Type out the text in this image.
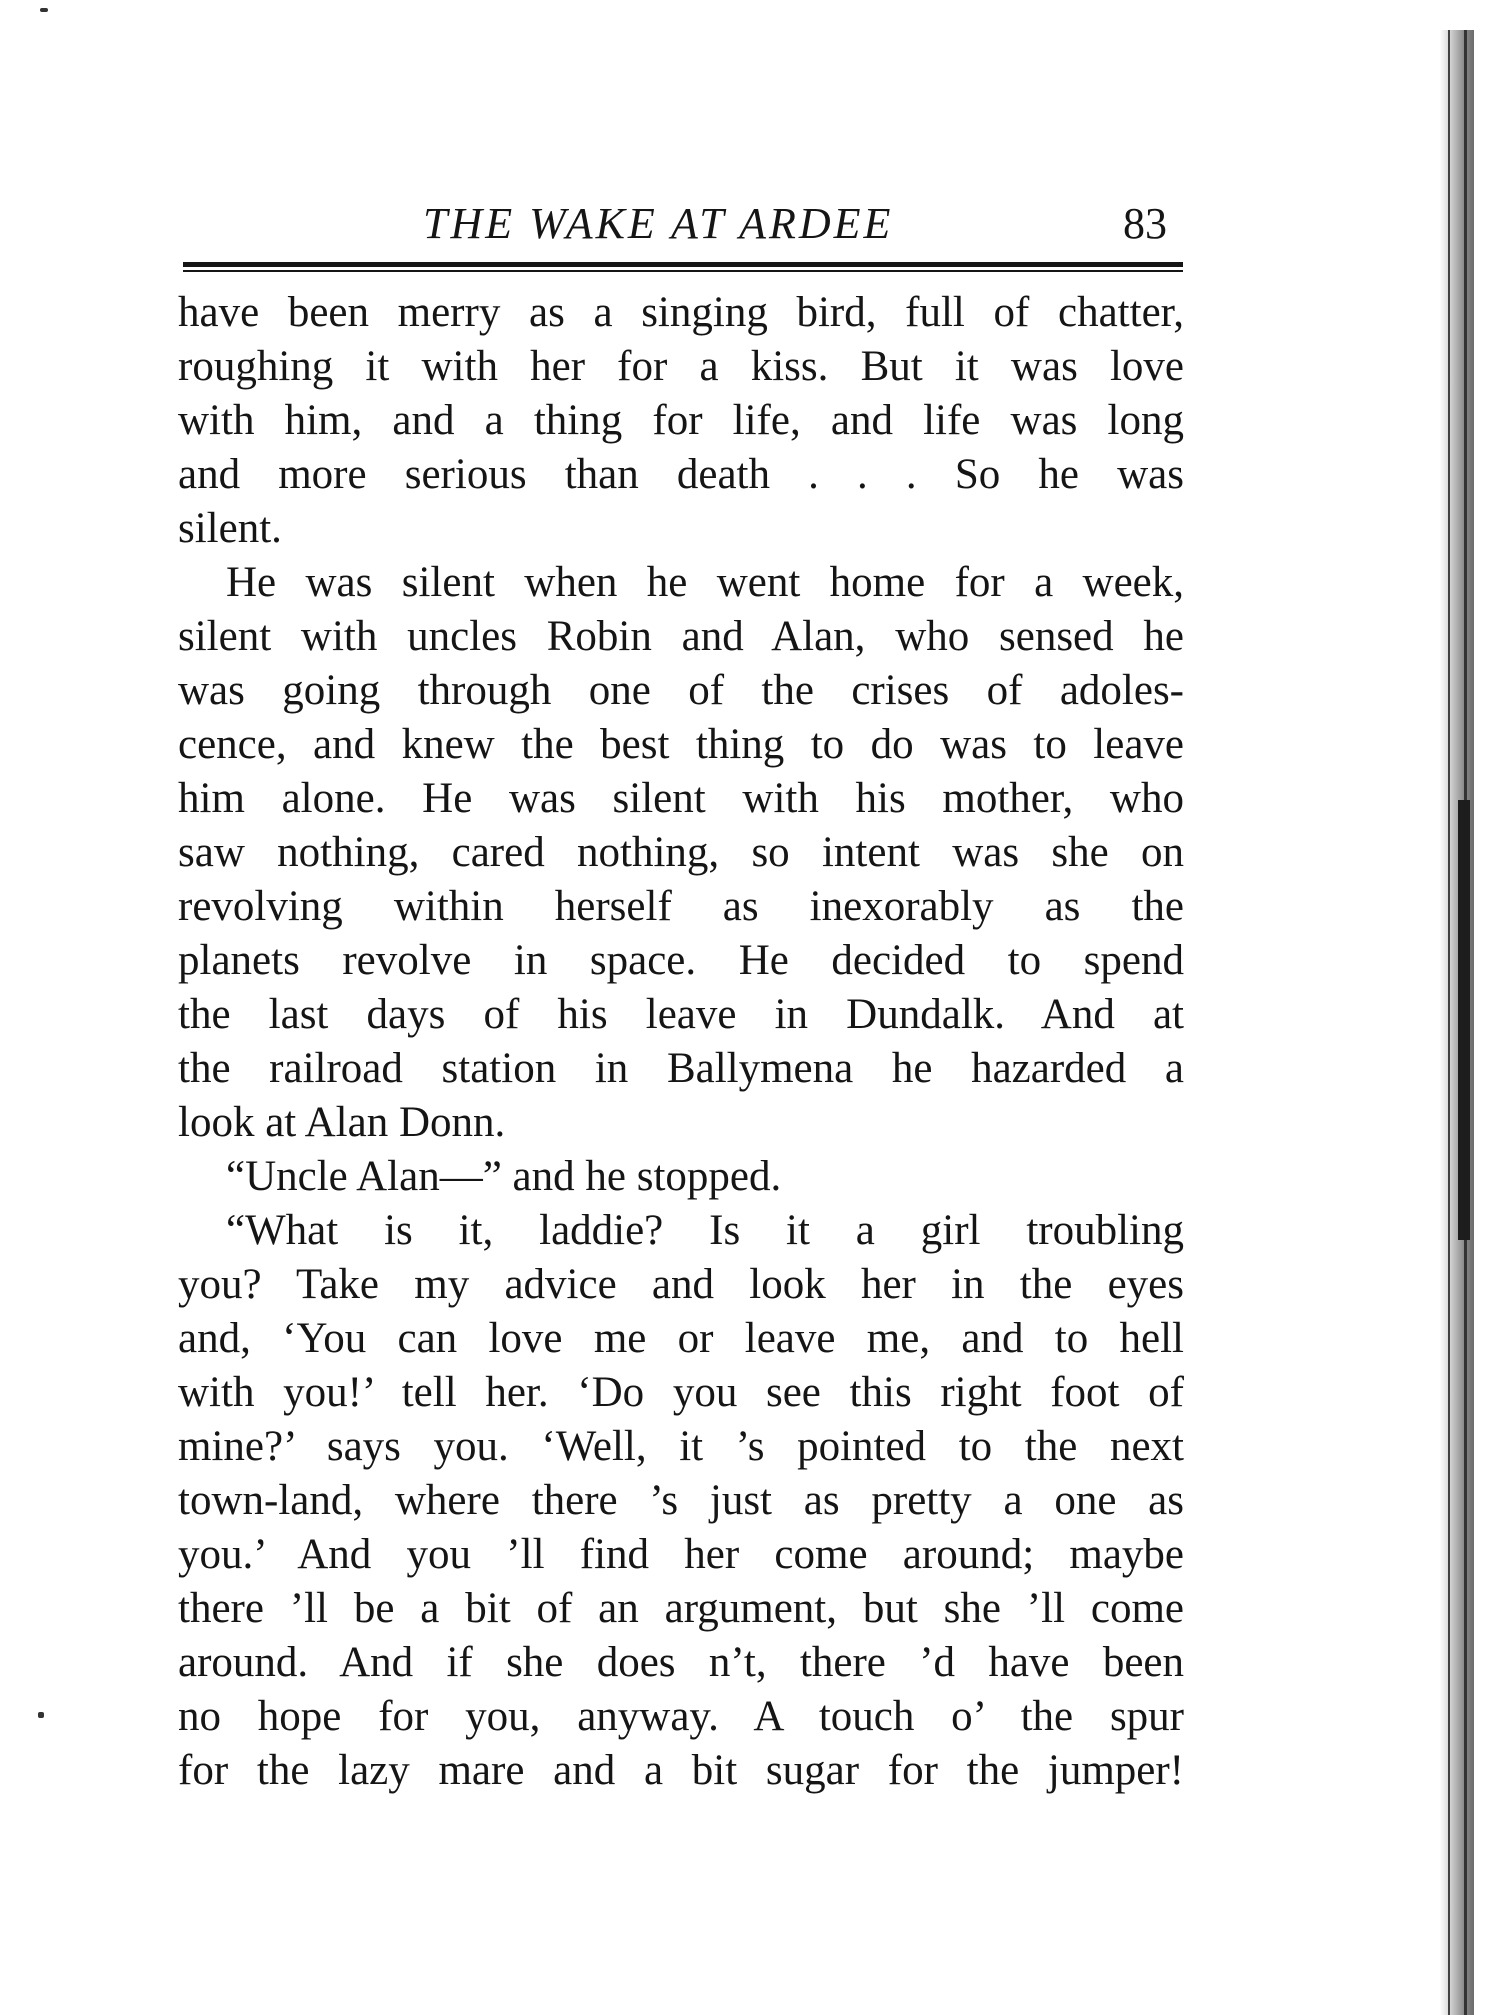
THE WAKE AT ARDEE	83
have been merry as a singing bird, full of chatter,
roughing it with her for a kiss. But it was love
with him, and a thing for life, and life was long
and more serious than death . . . So he was
silent.
He was silent when he went home for a week,
silent with uncles Robin and Alan, who sensed he
was going through one of the crises of adoles-
cence, and knew the best thing to do was to leave
him alone. He was silent with his mother, who
saw nothing, cared nothing, so intent was she on
revolving within herself as inexorably as the
planets revolve in space. He decided to spend
the last days of his leave in Dundalk. And at
the railroad station in Ballymena he hazarded a
look at Alan Donn.
“Uncle Alan—” and he stopped.
“What is it, laddie? Is it a girl troubling
you? Take my advice and look her in the eyes
and, ‘You can love me or leave me, and to hell
with you!’ tell her. ‘Do you see this right foot of
mine?’ says you. ‘Well, it ’s pointed to the next
town-land, where there ’s just as pretty a one as
you.’ And you ’ll find her come around; maybe
there ’ll be a bit of an argument, but she ’ll come
around. And if she does n’t, there ’d have been
no hope for you, anyway. A touch o’ the spur
for the lazy mare and a bit sugar for the jumper!
